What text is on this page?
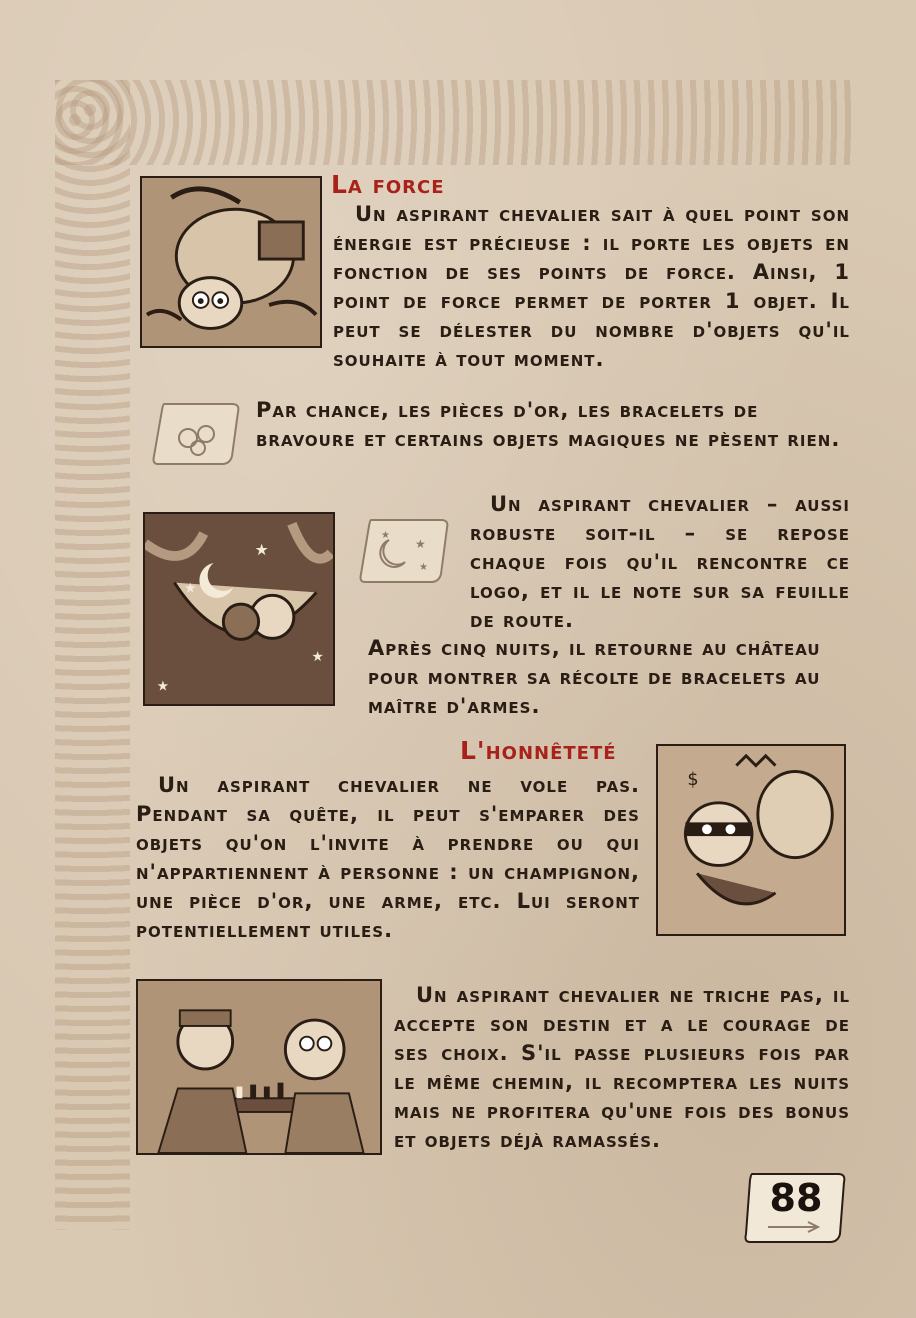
La force

Un aspirant chevalier sait à quel point son énergie est précieuse : il porte les objets en fonction de ses points de force. Ainsi, 1 point de force permet de porter 1 objet. Il peut se délester du nombre d'objets qu'il souhaite à tout moment.

Par chance, les pièces d'or, les bracelets de bravoure et certains objets magiques ne pèsent rien.

★
★
★
★
★
★
★

Un aspirant chevalier – aussi robuste soit-il – se repose chaque fois qu'il rencontre ce logo, et il le note sur sa feuille de route.

Après cinq nuits, il retourne au château pour montrer sa récolte de bracelets au maître d'armes.

L'honnêteté

Un aspirant chevalier ne vole pas. Pendant sa quête, il peut s'emparer des objets qu'on l'invite à prendre ou qui n'appartiennent à personne : un champignon, une pièce d'or, une arme, etc. Lui seront potentiellement utiles.

$

Un aspirant chevalier ne triche pas, il accepte son destin et a le courage de ses choix. S'il passe plusieurs fois par le même chemin, il recomptera les nuits mais ne profitera qu'une fois des bonus et objets déjà ramassés.

88
